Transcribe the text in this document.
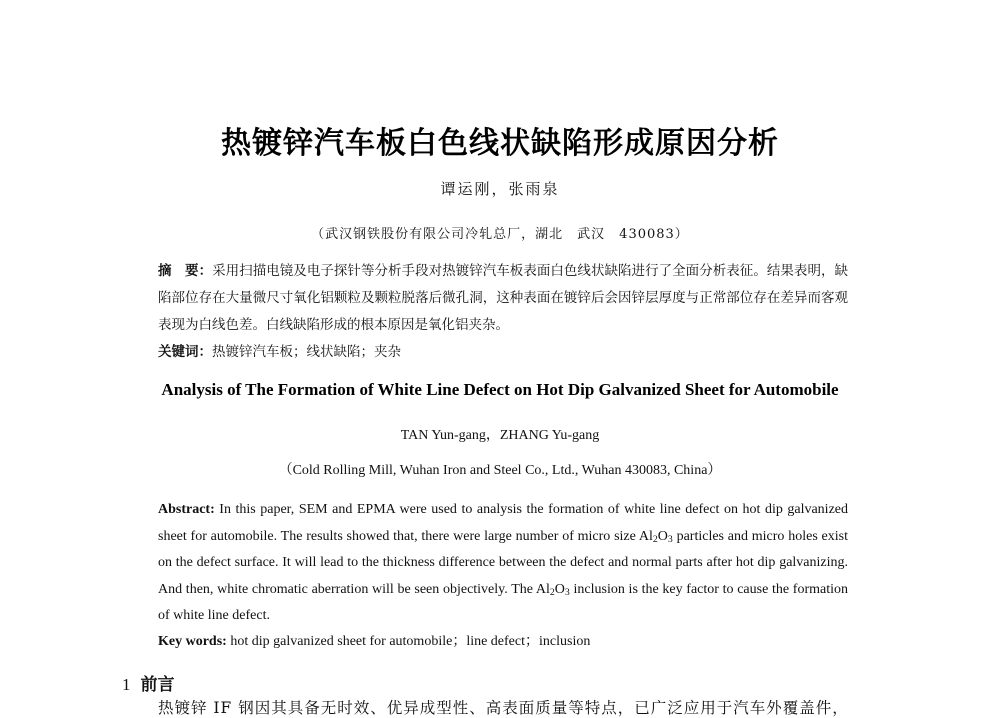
热镀锌汽车板白色线状缺陷形成原因分析
谭运刚，张雨泉
（武汉钢铁股份有限公司冷轧总厂，湖北　武汉　430083）
摘　要：采用扫描电镜及电子探针等分析手段对热镀锌汽车板表面白色线状缺陷进行了全面分析表征。结果表明，缺陷部位存在大量微尺寸氧化铝颗粒及颗粒脱落后微孔洞，这种表面在镀锌后会因锌层厚度与正常部位存在差异而客观表现为白线色差。白线缺陷形成的根本原因是氧化铝夹杂。
关键词：热镀锌汽车板；线状缺陷；夹杂
Analysis of The Formation of White Line Defect on Hot Dip Galvanized Sheet for Automobile
TAN Yun-gang，ZHANG Yu-gang
（Cold Rolling Mill, Wuhan Iron and Steel Co., Ltd., Wuhan 430083, China）
Abstract: In this paper, SEM and EPMA were used to analysis the formation of white line defect on hot dip galvanized sheet for automobile. The results showed that, there were large number of micro size $Al_2O_3$ particles and micro holes exist on the defect surface. It will lead to the thickness difference between the defect and normal parts after hot dip galvanizing. And then, white chromatic aberration will be seen objectively. The $Al_2O_3$ inclusion is the key factor to cause the formation of white line defect.
Key words: hot dip galvanized sheet for automobile；line defect；inclusion
1 前言
热镀锌 IF 钢因其具备无时效、优异成型性、高表面质量等特点，已广泛应用于汽车外覆盖件，
